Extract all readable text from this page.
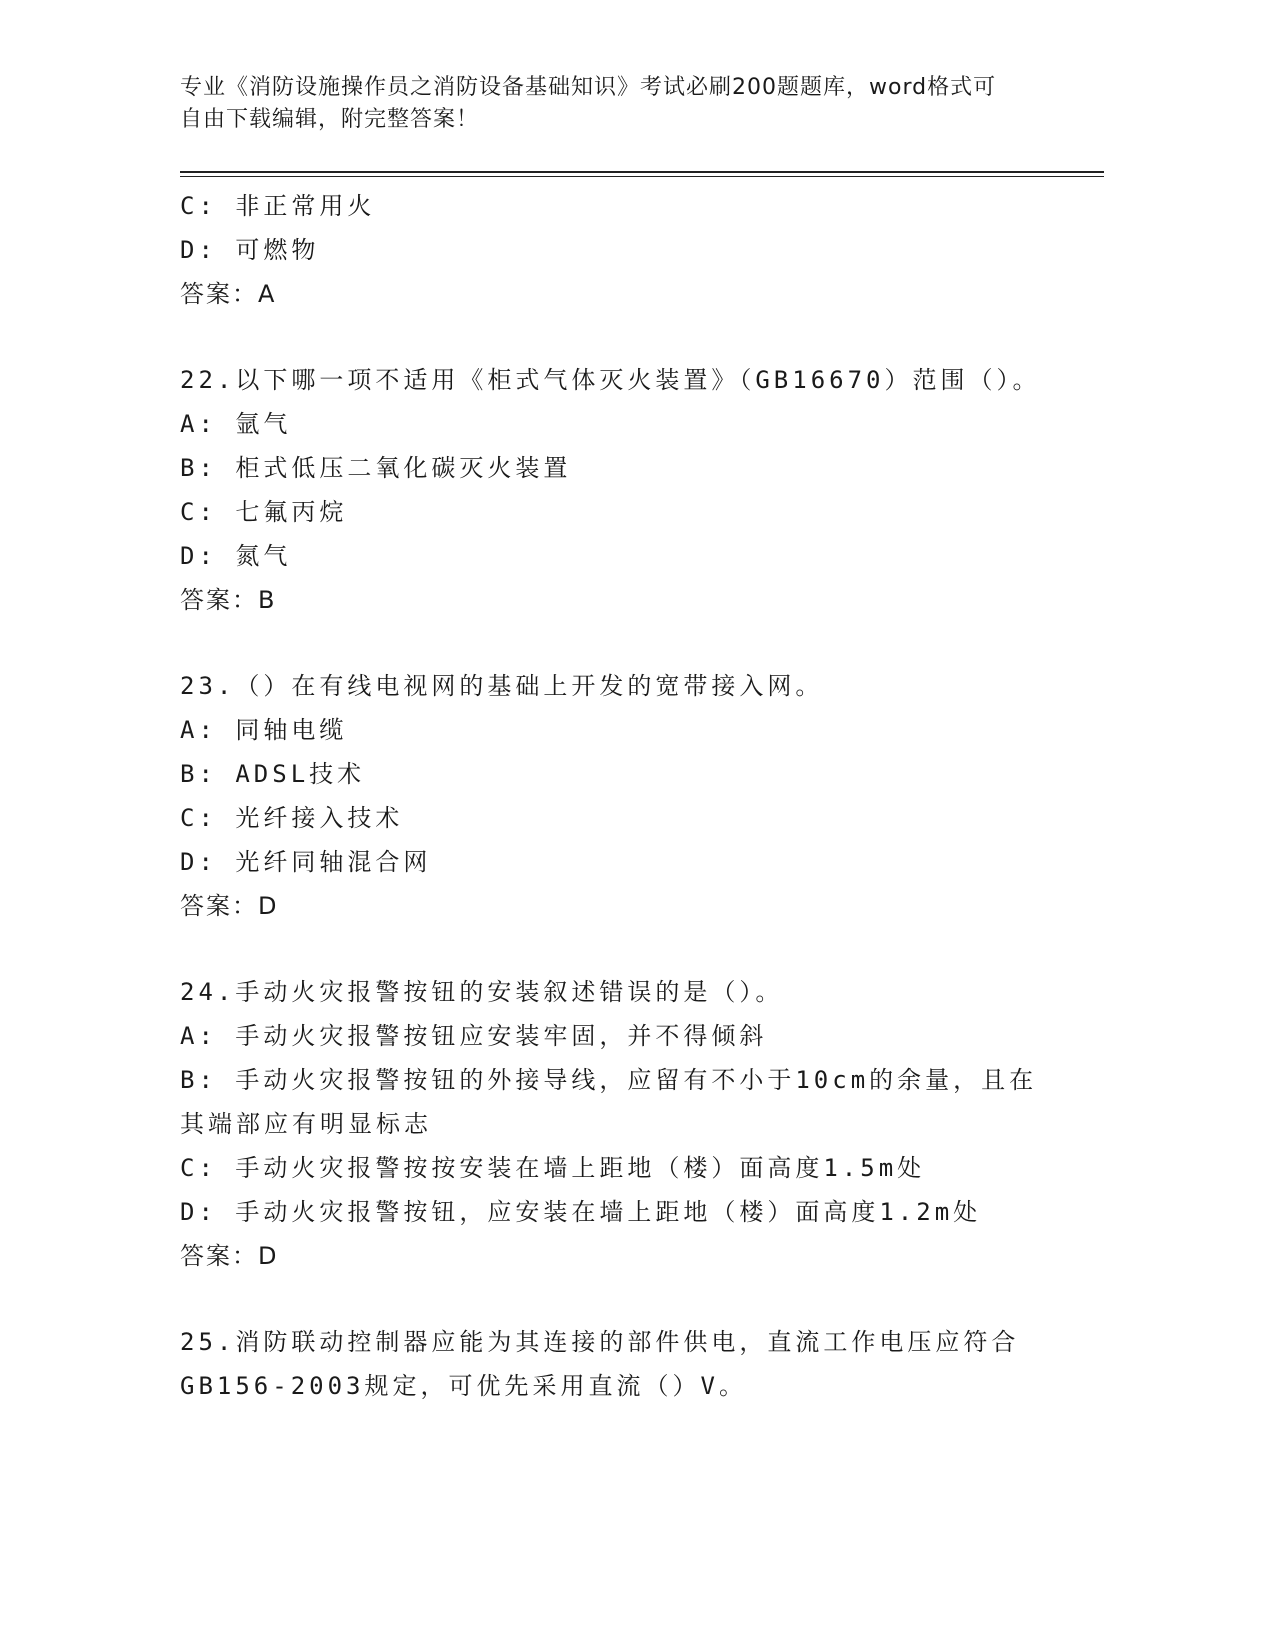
专业《消防设施操作员之消防设备基础知识》考试必刷200题题库，word格式可
自由下载编辑，附完整答案！
C: 非正常用火
D: 可燃物
答案：A
22.以下哪一项不适用《柜式气体灭火装置》（GB16670）范围（）。
A: 氩气
B: 柜式低压二氧化碳灭火装置
C: 七氟丙烷
D: 氮气
答案：B
23.（）在有线电视网的基础上开发的宽带接入网。
A: 同轴电缆
B: ADSL技术
C: 光纤接入技术
D: 光纤同轴混合网
答案：D
24.手动火灾报警按钮的安装叙述错误的是（）。
A: 手动火灾报警按钮应安装牢固，并不得倾斜
B: 手动火灾报警按钮的外接导线，应留有不小于10cm的余量，且在其端部应有明显标志
C: 手动火灾报警按按安装在墙上距地（楼）面高度1.5m处
D: 手动火灾报警按钮，应安装在墙上距地（楼）面高度1.2m处
答案：D
25.消防联动控制器应能为其连接的部件供电，直流工作电压应符合GB156-2003规定，可优先采用直流（）V。
